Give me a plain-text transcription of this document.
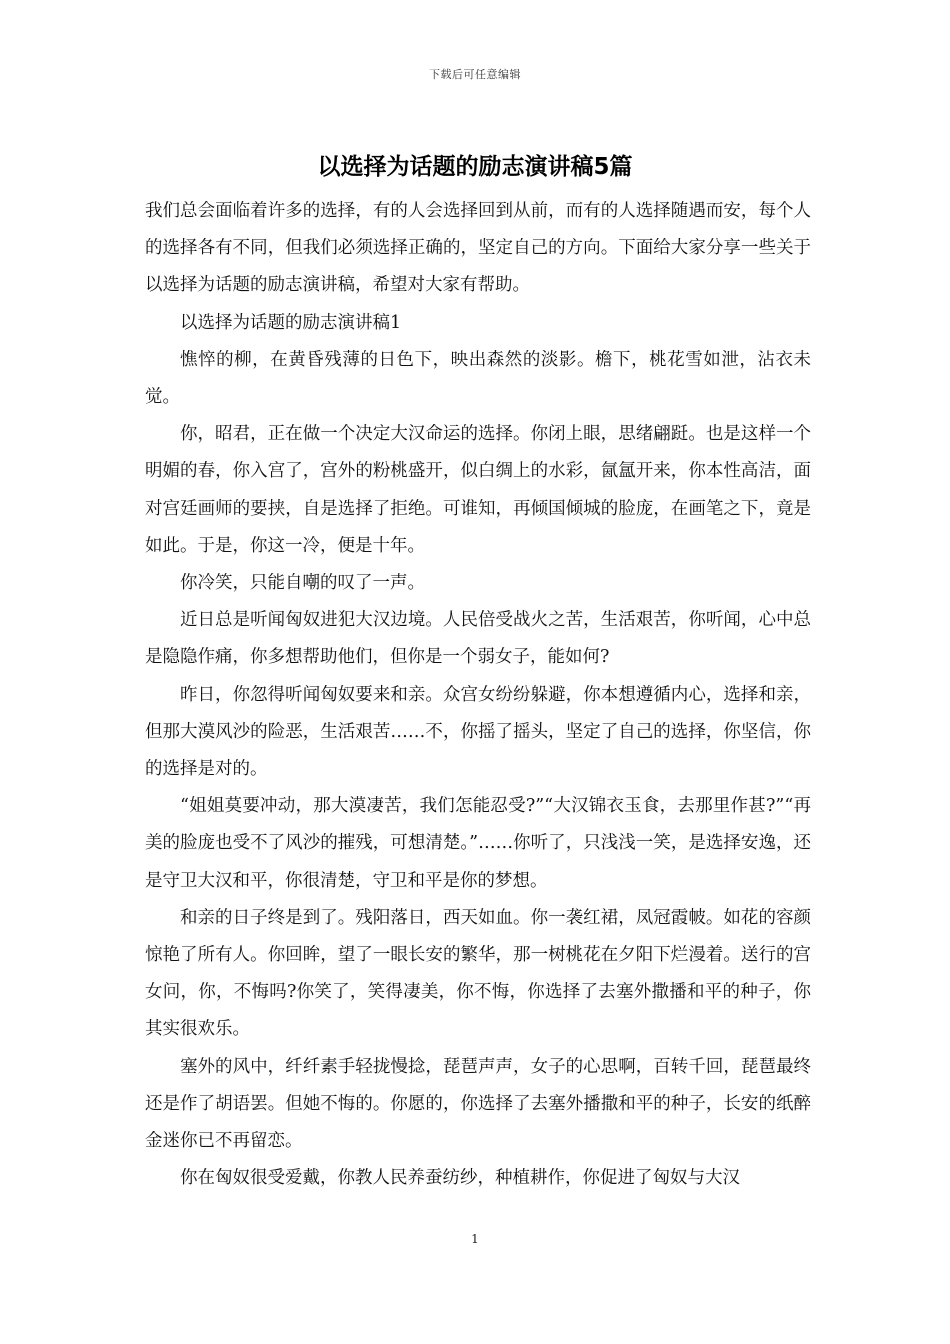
下载后可任意编辑
以选择为话题的励志演讲稿5篇

我们总会面临着许多的选择，有的人会选择回到从前，而有的人选择随遇而安，每个人的选择各有不同，但我们必须选择正确的，坚定自己的方向。下面给大家分享一些关于以选择为话题的励志演讲稿，希望对大家有帮助。

以选择为话题的励志演讲稿1

憔悴的柳，在黄昏残薄的日色下，映出森然的淡影。檐下，桃花雪如泄，沾衣未觉。

你，昭君，正在做一个决定大汉命运的选择。你闭上眼，思绪翩跹。也是这样一个明媚的春，你入宫了，宫外的粉桃盛开，似白绸上的水彩，氤氲开来，你本性高洁，面对宫廷画师的要挟，自是选择了拒绝。可谁知，再倾国倾城的脸庞，在画笔之下，竟是如此。于是，你这一冷，便是十年。

你冷笑，只能自嘲的叹了一声。

近日总是听闻匈奴进犯大汉边境。人民倍受战火之苦，生活艰苦，你听闻，心中总是隐隐作痛，你多想帮助他们，但你是一个弱女子，能如何?

昨日，你忽得听闻匈奴要来和亲。众宫女纷纷躲避，你本想遵循内心，选择和亲，但那大漠风沙的险恶，生活艰苦……不，你摇了摇头，坚定了自己的选择，你坚信，你的选择是对的。

“姐姐莫要冲动，那大漠凄苦，我们怎能忍受?”“大汉锦衣玉食，去那里作甚?”“再美的脸庞也受不了风沙的摧残，可想清楚。”……你听了，只浅浅一笑，是选择安逸，还是守卫大汉和平，你很清楚，守卫和平是你的梦想。

和亲的日子终是到了。残阳落日，西天如血。你一袭红裙，凤冠霞帔。如花的容颜惊艳了所有人。你回眸，望了一眼长安的繁华，那一树桃花在夕阳下烂漫着。送行的宫女问，你，不悔吗?你笑了，笑得凄美，你不悔，你选择了去塞外撒播和平的种子，你其实很欢乐。

塞外的风中，纤纤素手轻拢慢捻，琵琶声声，女子的心思啊，百转千回，琵琶最终还是作了胡语罢。但她不悔的。你愿的，你选择了去塞外播撒和平的种子，长安的纸醉金迷你已不再留恋。

你在匈奴很受爱戴，你教人民养蚕纺纱，种植耕作，你促进了匈奴与大汉

1
